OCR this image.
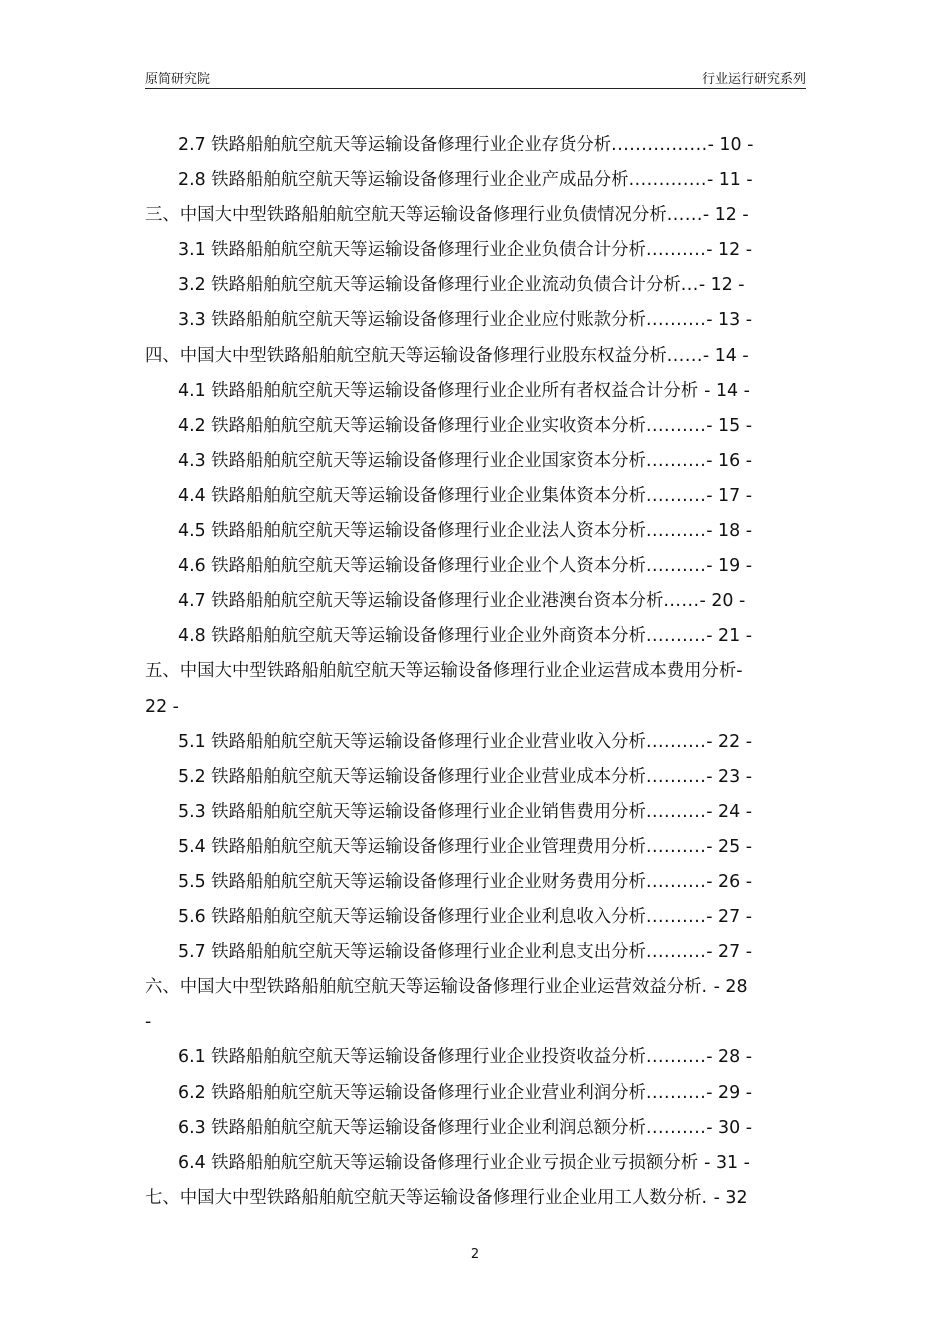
原简研究院	行业运行研究系列
2.7 铁路船舶航空航天等运输设备修理行业企业存货分析................- 10 -
2.8 铁路船舶航空航天等运输设备修理行业企业产成品分析.............- 11 -
三、中国大中型铁路船舶航空航天等运输设备修理行业负债情况分析......- 12 -
3.1 铁路船舶航空航天等运输设备修理行业企业负债合计分析..........- 12 -
3.2 铁路船舶航空航天等运输设备修理行业企业流动负债合计分析...- 12 -
3.3 铁路船舶航空航天等运输设备修理行业企业应付账款分析..........- 13 -
四、中国大中型铁路船舶航空航天等运输设备修理行业股东权益分析......- 14 -
4.1 铁路船舶航空航天等运输设备修理行业企业所有者权益合计分析 - 14 -
4.2 铁路船舶航空航天等运输设备修理行业企业实收资本分析..........- 15 -
4.3 铁路船舶航空航天等运输设备修理行业企业国家资本分析..........- 16 -
4.4 铁路船舶航空航天等运输设备修理行业企业集体资本分析..........- 17 -
4.5 铁路船舶航空航天等运输设备修理行业企业法人资本分析..........- 18 -
4.6 铁路船舶航空航天等运输设备修理行业企业个人资本分析..........- 19 -
4.7 铁路船舶航空航天等运输设备修理行业企业港澳台资本分析......- 20 -
4.8 铁路船舶航空航天等运输设备修理行业企业外商资本分析..........- 21 -
五、中国大中型铁路船舶航空航天等运输设备修理行业企业运营成本费用分析-
22 -
5.1 铁路船舶航空航天等运输设备修理行业企业营业收入分析..........- 22 -
5.2 铁路船舶航空航天等运输设备修理行业企业营业成本分析..........- 23 -
5.3 铁路船舶航空航天等运输设备修理行业企业销售费用分析..........- 24 -
5.4 铁路船舶航空航天等运输设备修理行业企业管理费用分析..........- 25 -
5.5 铁路船舶航空航天等运输设备修理行业企业财务费用分析..........- 26 -
5.6 铁路船舶航空航天等运输设备修理行业企业利息收入分析..........- 27 -
5.7 铁路船舶航空航天等运输设备修理行业企业利息支出分析..........- 27 -
六、中国大中型铁路船舶航空航天等运输设备修理行业企业运营效益分析. - 28
-
6.1 铁路船舶航空航天等运输设备修理行业企业投资收益分析..........- 28 -
6.2 铁路船舶航空航天等运输设备修理行业企业营业利润分析..........- 29 -
6.3 铁路船舶航空航天等运输设备修理行业企业利润总额分析..........- 30 -
6.4 铁路船舶航空航天等运输设备修理行业企业亏损企业亏损额分析 - 31 -
七、中国大中型铁路船舶航空航天等运输设备修理行业企业用工人数分析. - 32
2
